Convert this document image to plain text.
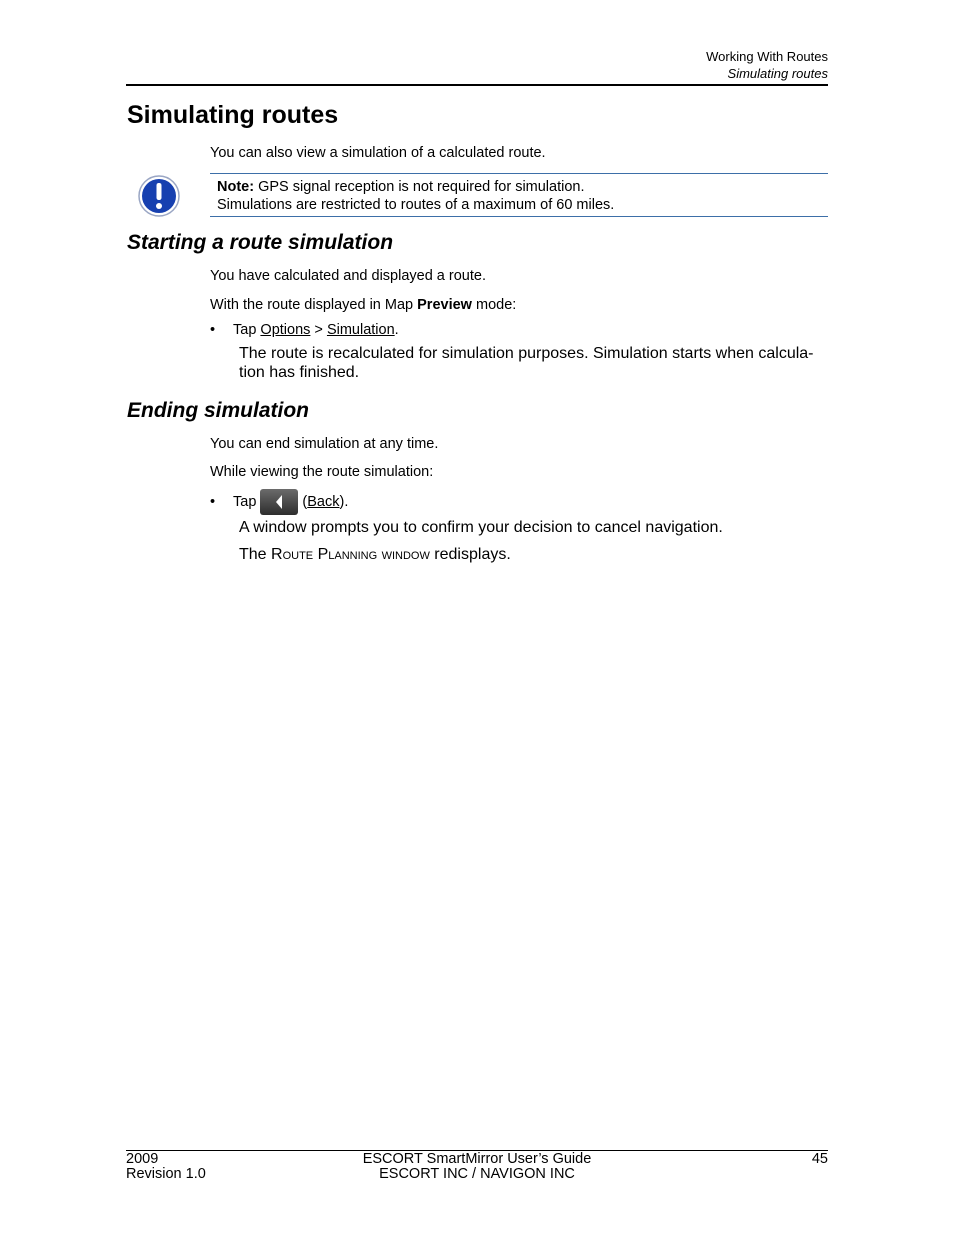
Working With Routes
Simulating routes
Simulating routes
You can also view a simulation of a calculated route.
Note: GPS signal reception is not required for simulation.
Simulations are restricted to routes of a maximum of 60 miles.
Starting a route simulation
You have calculated and displayed a route.
With the route displayed in Map Preview mode:
• Tap Options > Simulation.
The route is recalculated for simulation purposes. Simulation starts when calcula-
tion has finished.
Ending simulation
You can end simulation at any time.
While viewing the route simulation:
• Tap	(Back).
A window prompts you to confirm your decision to cancel navigation.
The Route Planning window redisplays.
2009
Revision 1.0
ESCORT SmartMirror User’s Guide
ESCORT INC / NAVIGON INC
45
